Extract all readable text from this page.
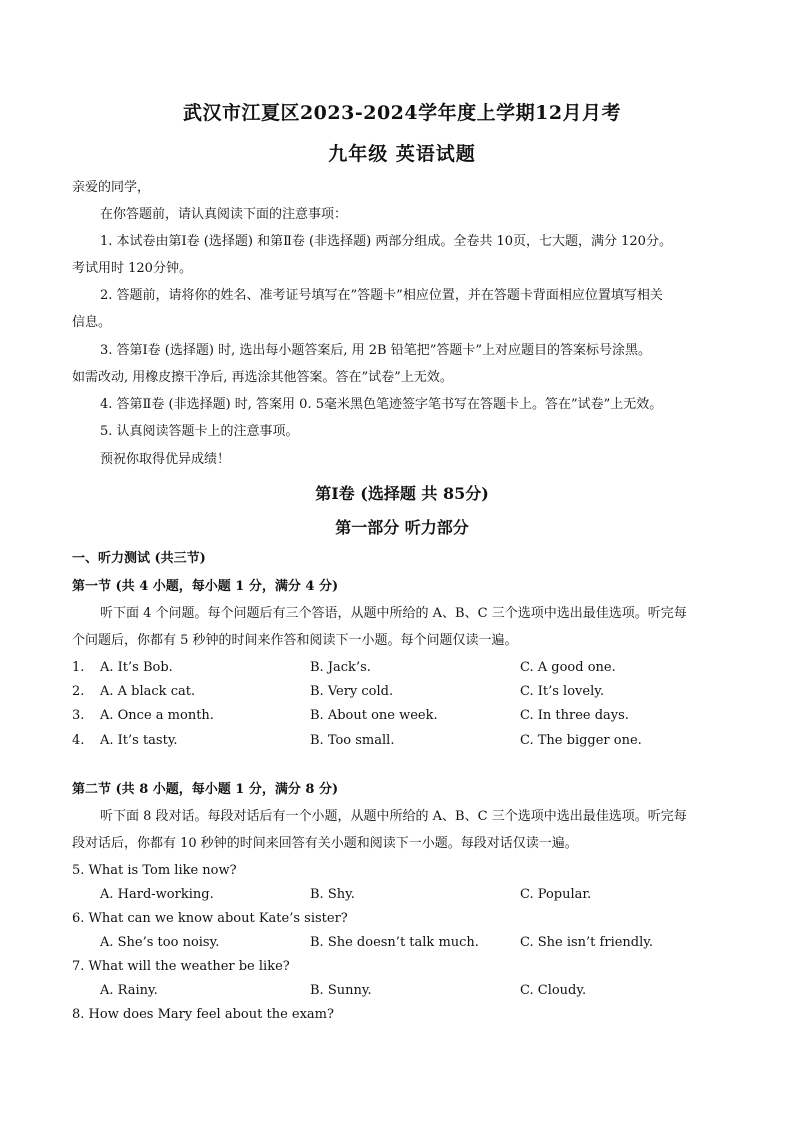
武汉市江夏区2023-2024学年度上学期12月月考
九年级 英语试题
亲爱的同学，
在你答题前，请认真阅读下面的注意事项：
1. 本试卷由第Ⅰ卷 (选择题) 和第Ⅱ卷 (非选择题) 两部分组成。全卷共 10页，七大题，满分 120分。
考试用时 120分钟。
2. 答题前，请将你的姓名、准考证号填写在”答题卡”相应位置，并在答题卡背面相应位置填写相关
信息。
3. 答第Ⅰ卷 (选择题) 时, 选出每小题答案后, 用 2B 铅笔把”答题卡”上对应题目的答案标号涂黑。
如需改动, 用橡皮擦干净后, 再选涂其他答案。答在”试卷”上无效。
4. 答第Ⅱ卷 (非选择题) 时, 答案用 0. 5毫米黑色笔迹签字笔书写在答题卡上。答在”试卷”上无效。
5. 认真阅读答题卡上的注意事项。
预祝你取得优异成绩！
第Ⅰ卷 (选择题 共 85分)
第一部分 听力部分
一、听力测试 (共三节)
第一节 (共 4 小题，每小题 1 分，满分 4 分)
听下面 4 个问题。每个问题后有三个答语，从题中所给的 A、B、C 三个选项中选出最佳选项。听完每
个问题后，你都有 5 秒钟的时间来作答和阅读下一小题。每个问题仅读一遍。
1. A. It’s Bob.	B. Jack’s.	C. A good one.
2. A. A black cat.	B. Very cold.	C. It’s lovely.
3. A. Once a month.	B. About one week.	C. In three days.
4. A. It’s tasty.	B. Too small.	C. The bigger one.
第二节 (共 8 小题，每小题 1 分，满分 8 分)
听下面 8 段对话。每段对话后有一个小题，从题中所给的 A、B、C 三个选项中选出最佳选项。听完每
段对话后，你都有 10 秒钟的时间来回答有关小题和阅读下一小题。每段对话仅读一遍。
5. What is Tom like now?
A. Hard-working.	B. Shy.	C. Popular.
6. What can we know about Kate’s sister?
A. She’s too noisy.	B. She doesn’t talk much.	C. She isn’t friendly.
7. What will the weather be like?
A. Rainy.	B. Sunny.	C. Cloudy.
8. How does Mary feel about the exam?
